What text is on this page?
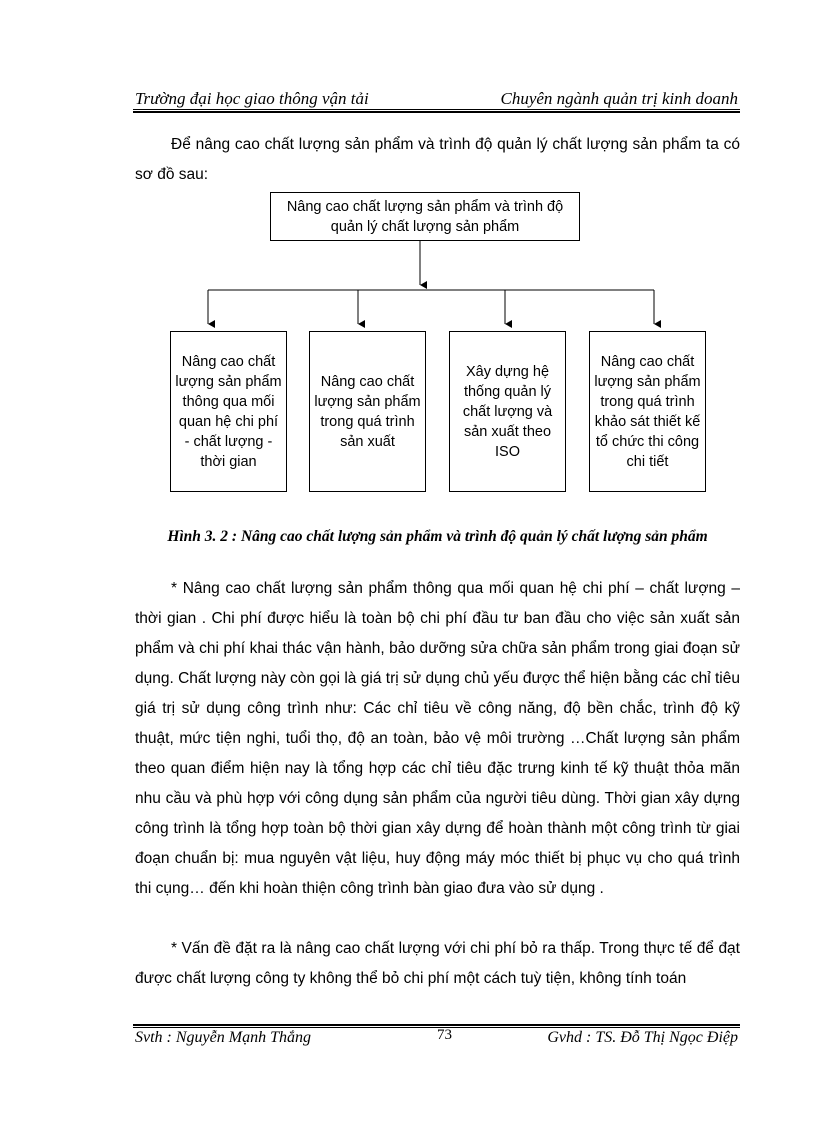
Trường đại học giao thông vận tải	Chuyên ngành quản trị kinh doanh

Để nâng cao chất lượng sản phẩm và trình độ quản lý chất lượng sản phẩm ta có sơ đồ sau:

Nâng cao chất lượng sản phẩm và trình độ quản lý chất lượng sản phẩm
Nâng cao chất lượng sản phẩm thông qua mối quan hệ chi phí - chất lượng - thời gian
Nâng cao chất lượng sản phẩm trong quá trình sản xuất
Xây dựng hệ thống quản lý chất lượng và sản xuất theo ISO
Nâng cao chất lượng sản phẩm trong quá trình khảo sát thiết kế tổ chức thi công chi tiết
Hình 3. 2 : Nâng cao chất lượng sản phẩm và trình độ quản lý chất lượng sản phẩm

* Nâng cao chất lượng sản phẩm thông qua mối quan hệ chi phí – chất lượng – thời gian . Chi phí được hiểu là toàn bộ chi phí đầu tư ban đầu cho việc sản xuất sản phẩm và chi phí khai thác vận hành, bảo dưỡng sửa chữa sản phẩm trong giai đoạn sử dụng. Chất lượng này còn gọi là giá trị sử dụng chủ yếu được thể hiện bằng các chỉ tiêu giá trị sử dụng công trình như: Các chỉ tiêu về công năng, độ bền chắc, trình độ kỹ thuật, mức tiện nghi, tuổi thọ, độ an toàn, bảo vệ môi trường …Chất lượng sản phẩm theo quan điểm hiện nay là tổng hợp các chỉ tiêu đặc trưng kinh tế kỹ thuật thỏa mãn nhu cầu và phù hợp với công dụng sản phẩm của người tiêu dùng. Thời gian xây dựng công trình là tổng hợp toàn bộ thời gian xây dựng để hoàn thành một công trình từ giai đoạn chuẩn bị: mua nguyên vật liệu, huy động máy móc thiết bị phục vụ cho quá trình thi cụng… đến khi hoàn thiện công trình bàn giao đưa vào sử dụng .

* Vấn đề đặt ra là nâng cao chất lượng với chi phí bỏ ra thấp. Trong thực tế để đạt được chất lượng công ty không thể bỏ chi phí một cách tuỳ tiện, không tính toán

Svth : Nguyễn Mạnh Thắng	73	Gvhd : TS. Đỗ Thị Ngọc Điệp
